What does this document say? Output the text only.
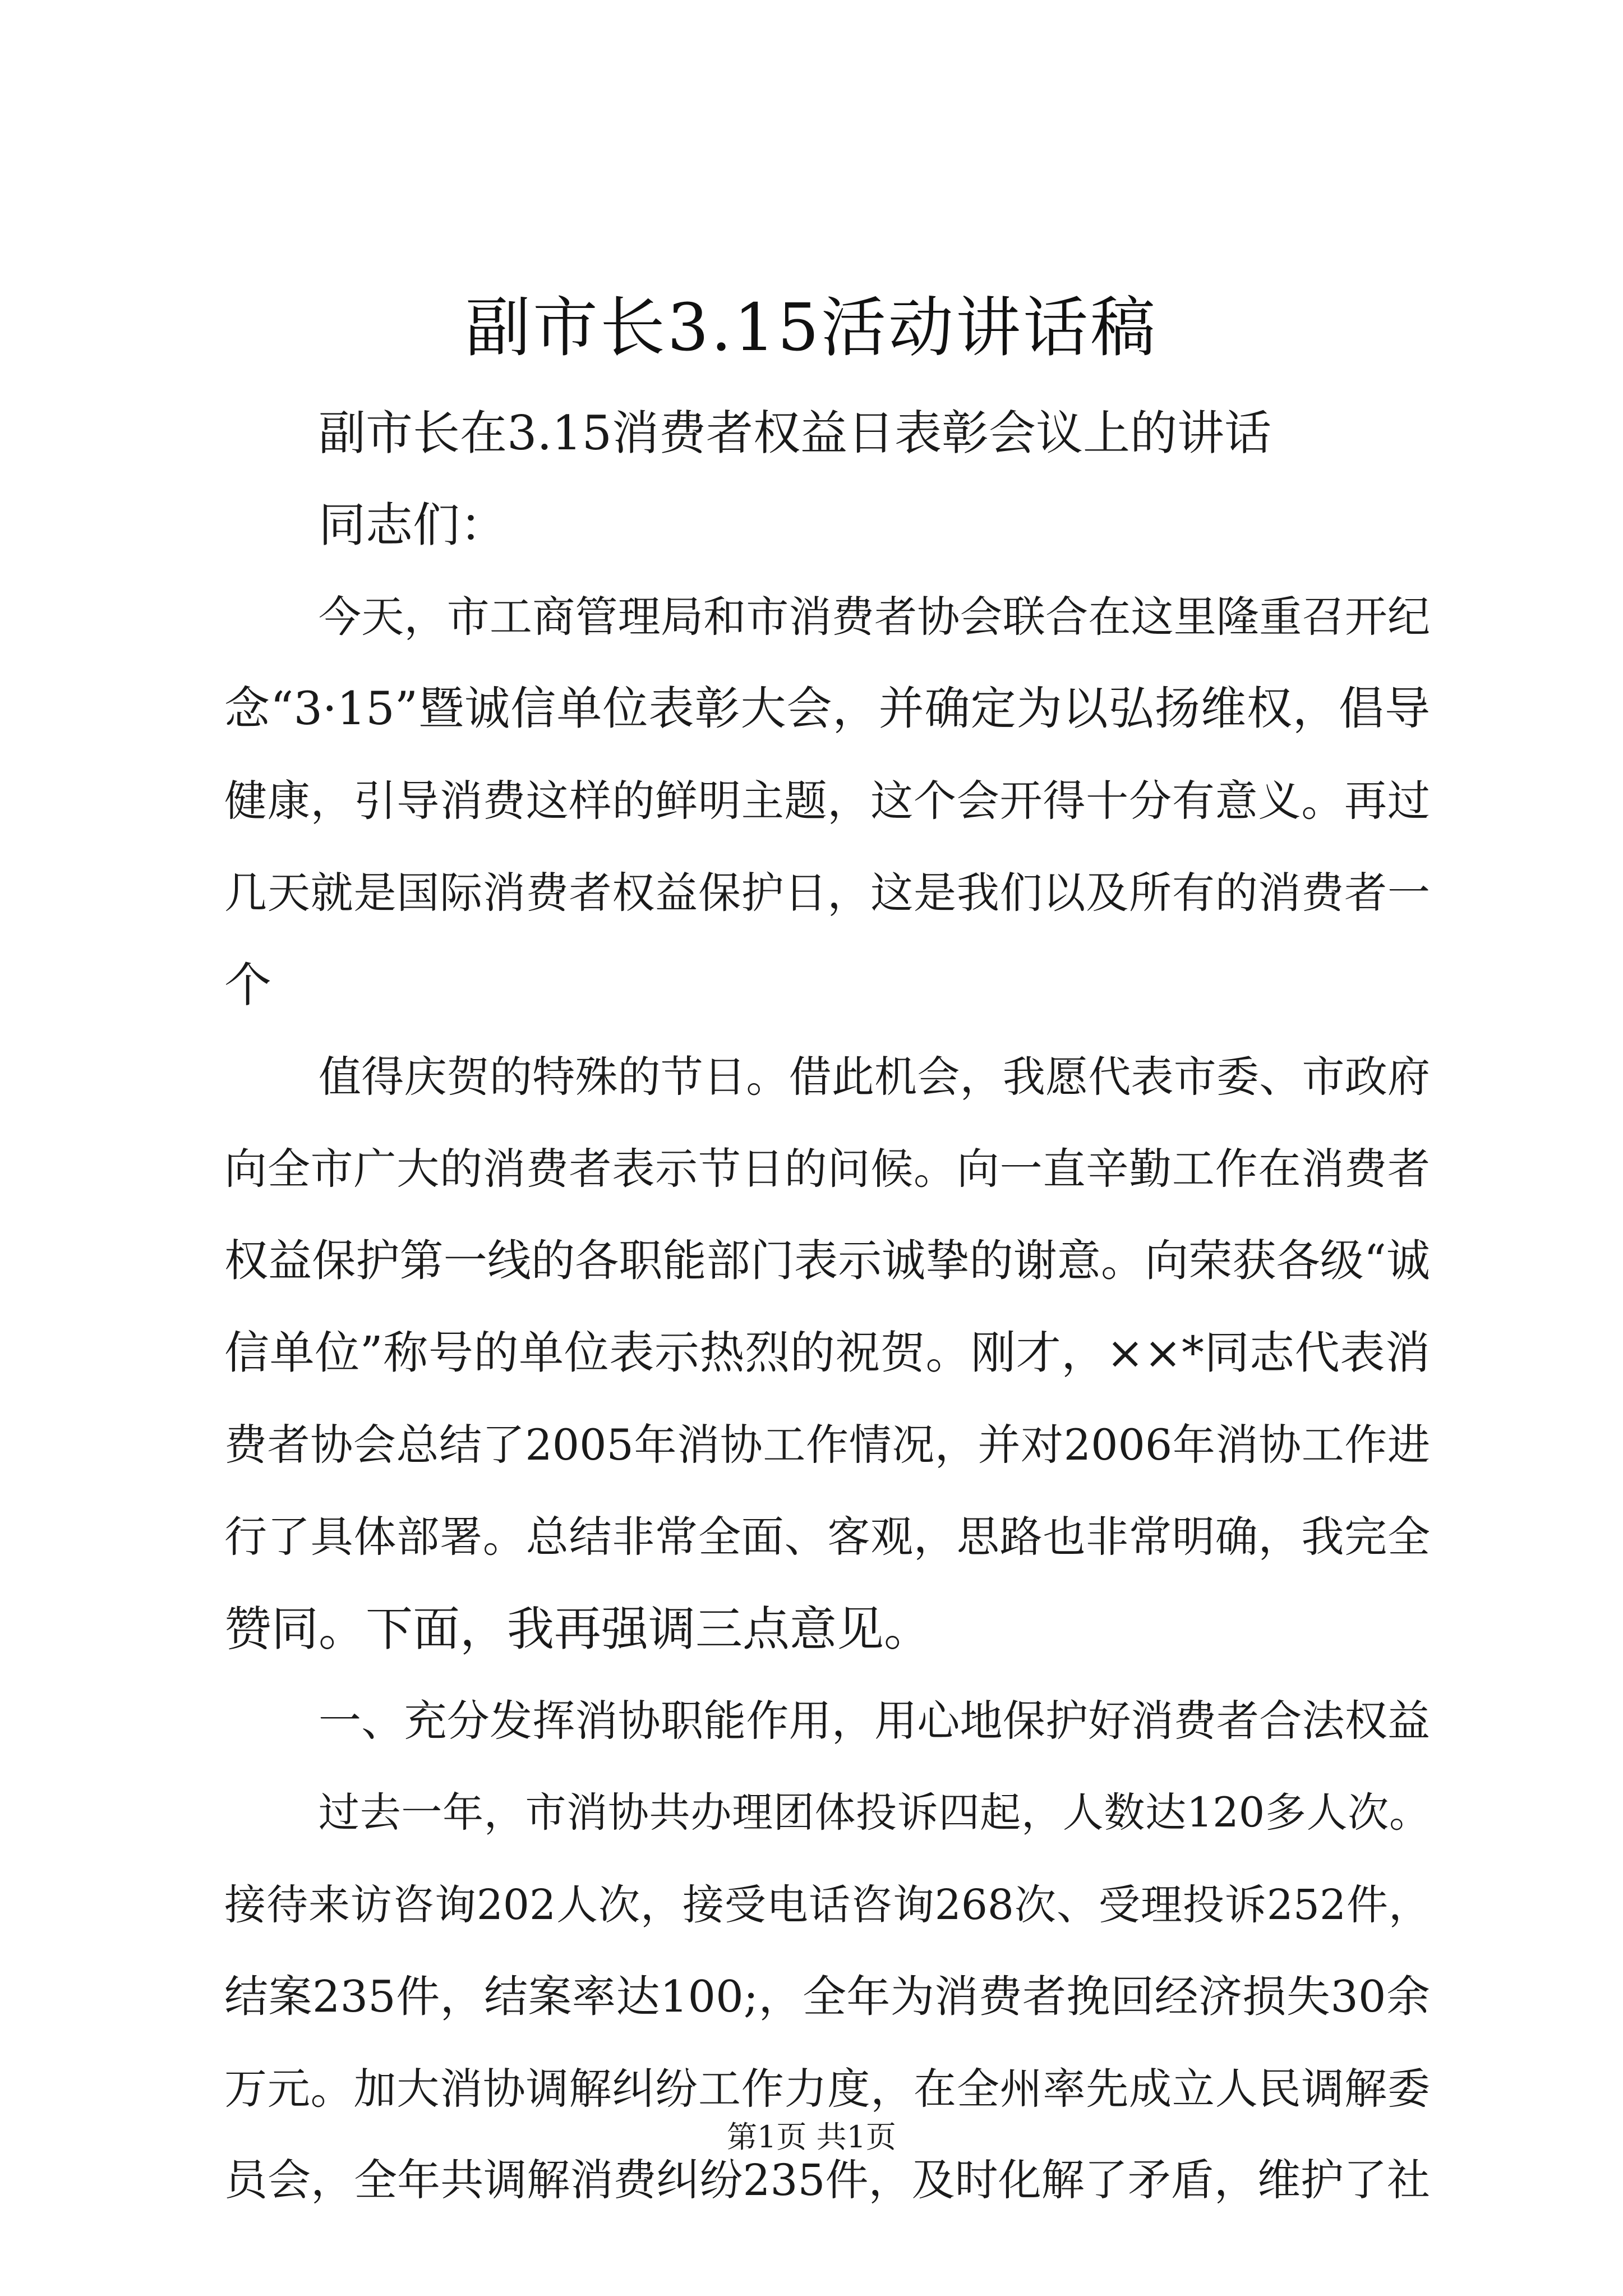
副市长3.15活动讲话稿

副市长在3.15消费者权益日表彰会议上的讲话

同志们：

今天，市工商管理局和市消费者协会联合在这里隆重召开纪

念“3·15”暨诚信单位表彰大会，并确定为以弘扬维权，倡导

健康，引导消费这样的鲜明主题，这个会开得十分有意义。再过

几天就是国际消费者权益保护日，这是我们以及所有的消费者一

个

值得庆贺的特殊的节日。借此机会，我愿代表市委、市政府

向全市广大的消费者表示节日的问候。向一直辛勤工作在消费者

权益保护第一线的各职能部门表示诚挚的谢意。向荣获各级“诚

信单位”称号的单位表示热烈的祝贺。刚才，××*同志代表消

费者协会总结了2005年消协工作情况，并对2006年消协工作进

行了具体部署。总结非常全面、客观，思路也非常明确，我完全

赞同。下面，我再强调三点意见。

一、充分发挥消协职能作用，用心地保护好消费者合法权益

过去一年，市消协共办理团体投诉四起，人数达120多人次。

接待来访咨询202人次，接受电话咨询268次、受理投诉252件，

结案235件，结案率达100;，全年为消费者挽回经济损失30余

万元。加大消协调解纠纷工作力度，在全州率先成立人民调解委

员会，全年共调解消费纠纷235件，及时化解了矛盾，维护了社

第1页 共1页
